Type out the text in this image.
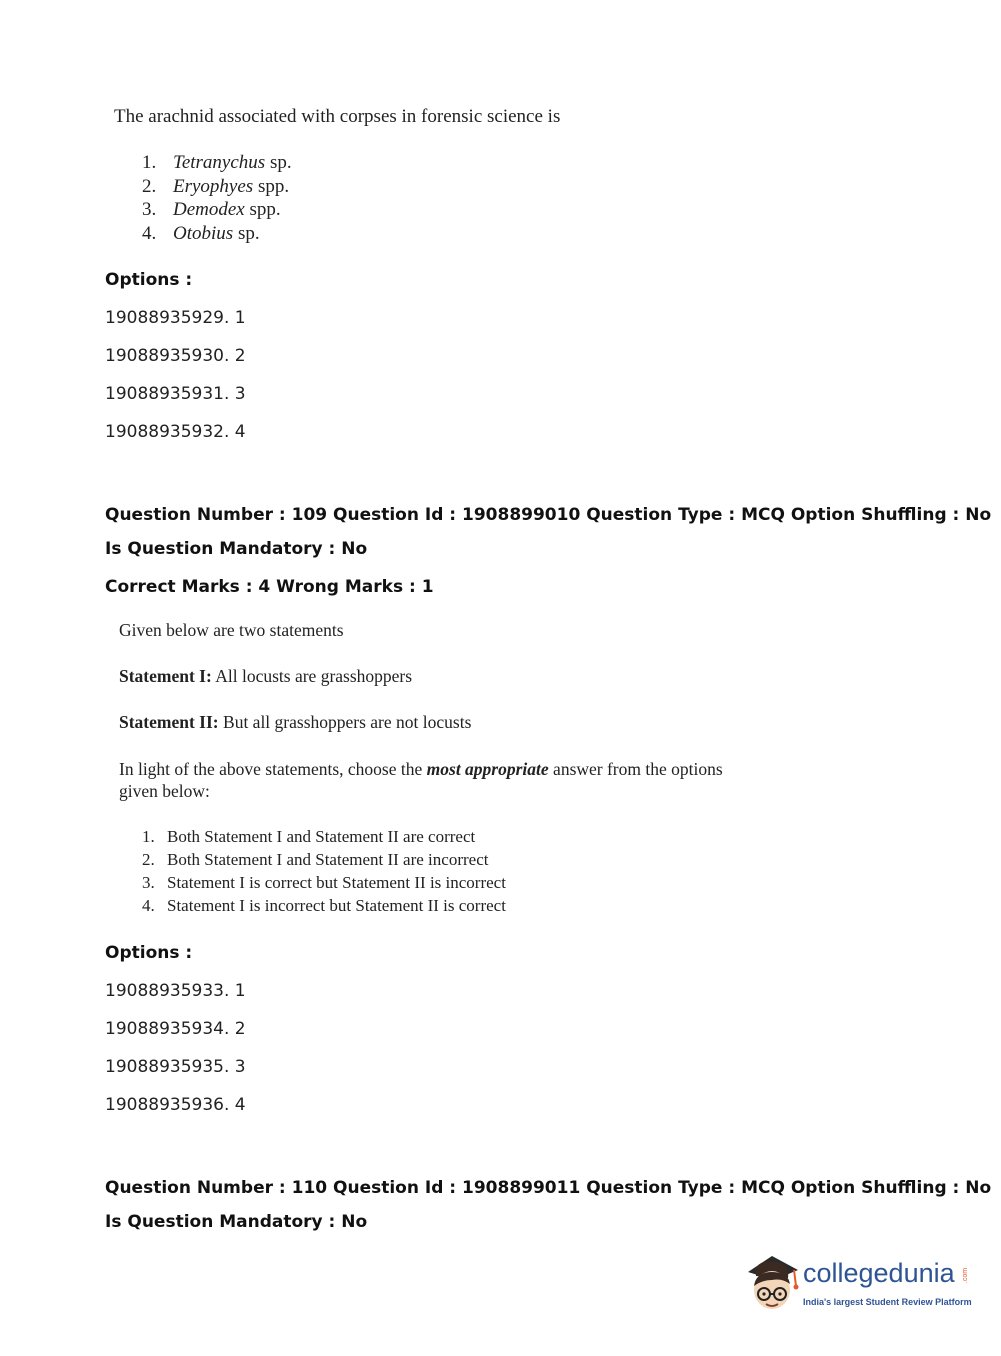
The arachnid associated with corpses in forensic science is
1. Tetranychus sp.
2. Eryophyes spp.
3. Demodex spp.
4. Otobius sp.
Options :
19088935929. 1
19088935930. 2
19088935931. 3
19088935932. 4
Question Number : 109 Question Id : 1908899010 Question Type : MCQ Option Shuffling : No
Is Question Mandatory : No
Correct Marks : 4 Wrong Marks : 1
Given below are two statements
Statement I: All locusts are grasshoppers
Statement II: But all grasshoppers are not locusts
In light of the above statements, choose the most appropriate answer from the options given below:
1. Both Statement I and Statement II are correct
2. Both Statement I and Statement II are incorrect
3. Statement I is correct but Statement II is incorrect
4. Statement I is incorrect but Statement II is correct
Options :
19088935933. 1
19088935934. 2
19088935935. 3
19088935936. 4
Question Number : 110 Question Id : 1908899011 Question Type : MCQ Option Shuffling : No
Is Question Mandatory : No
collegedunia .com
India's largest Student Review Platform
